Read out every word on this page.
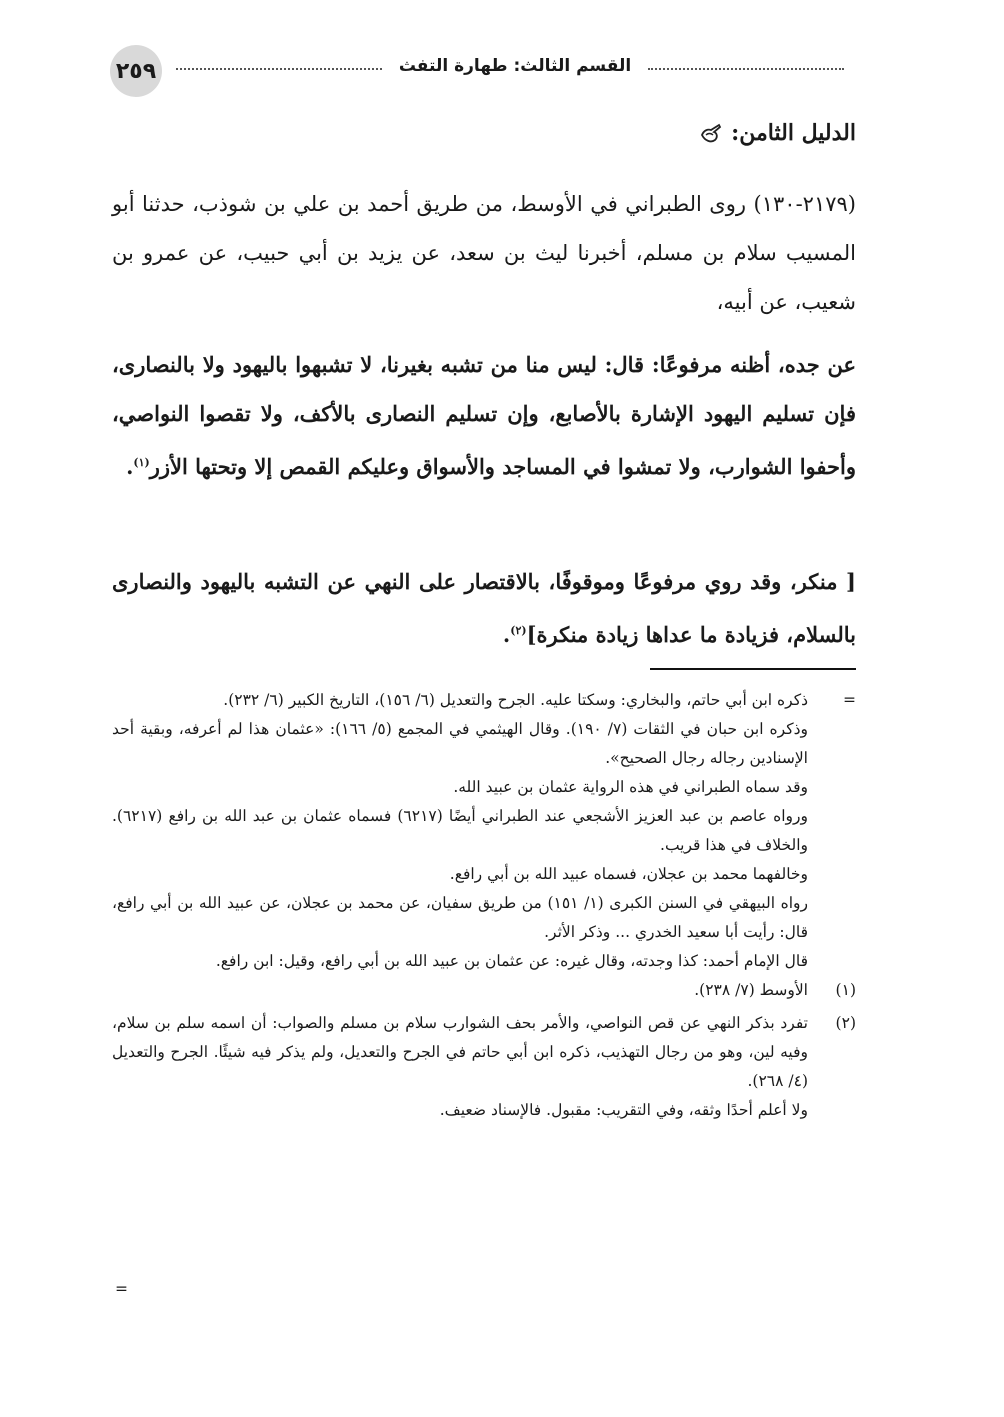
٢٥٩	القسم الثالث: طهارة التفث
الدليل الثامن:
(٢١٧٩-١٣٠) روى الطبراني في الأوسط، من طريق أحمد بن علي بن شوذب، حدثنا أبو المسيب سلام بن مسلم، أخبرنا ليث بن سعد، عن يزيد بن أبي حبيب، عن عمرو بن شعيب، عن أبيه،
عن جده، أظنه مرفوعًا: قال: ليس منا من تشبه بغيرنا، لا تشبهوا باليهود ولا بالنصارى، فإن تسليم اليهود الإشارة بالأصابع، وإن تسليم النصارى بالأكف، ولا تقصوا النواصي، وأحفوا الشوارب، ولا تمشوا في المساجد والأسواق وعليكم القمص إلا وتحتها الأزر$^{(١)}$.
[ منكر، وقد روي مرفوعًا وموقوفًا، بالاقتصار على النهي عن التشبه باليهود والنصارى بالسلام، فزيادة ما عداها زيادة منكرة]$^{(٢)}$.
=
ذكره ابن أبي حاتم، والبخاري: وسكتا عليه. الجرح والتعديل (٦/ ١٥٦)، التاريخ الكبير (٦/ ٢٣٢).
وذكره ابن حبان في الثقات (٧/ ١٩٠). وقال الهيثمي في المجمع (٥/ ١٦٦): «عثمان هذا لم أعرفه، وبقية أحد الإسنادين رجاله رجال الصحيح».
وقد سماه الطبراني في هذه الرواية عثمان بن عبيد الله.
ورواه عاصم بن عبد العزيز الأشجعي عند الطبراني أيضًا (٦٢١٧) فسماه عثمان بن عبد الله بن رافع (٦٢١٧). والخلاف في هذا قريب.
وخالفهما محمد بن عجلان، فسماه عبيد الله بن أبي رافع.
رواه البيهقي في السنن الكبرى (١/ ١٥١) من طريق سفيان، عن محمد بن عجلان، عن عبيد الله بن أبي رافع، قال: رأيت أبا سعيد الخدري ... وذكر الأثر.
قال الإمام أحمد: كذا وجدته، وقال غيره: عن عثمان بن عبيد الله بن أبي رافع، وقيل: ابن رافع.
(١)
الأوسط (٧/ ٢٣٨).
(٢)
تفرد بذكر النهي عن قص النواصي، والأمر بحف الشوارب سلام بن مسلم والصواب: أن اسمه سلم بن سلام، وفيه لين، وهو من رجال التهذيب، ذكره ابن أبي حاتم في الجرح والتعديل، ولم يذكر فيه شيئًا. الجرح والتعديل (٤/ ٢٦٨).
ولا أعلم أحدًا وثقه، وفي التقريب: مقبول. فالإسناد ضعيف.
=
